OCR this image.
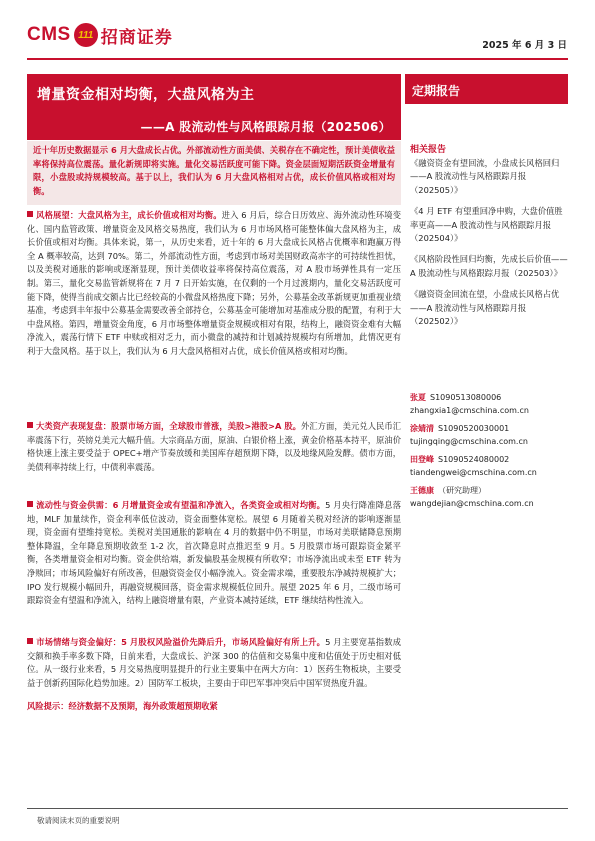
CMS 111 招商证券	2025 年 6 月 3 日
增量资金相对均衡，大盘风格为主
——A 股流动性与风格跟踪月报（202506）
定期报告
近十年历史数据显示 6 月大盘成长占优。外部流动性方面美债、关税存在不确定性，预计美债收益率将保持高位震荡。量化新规即将实施。量化交易活跃度可能下降。资金层面短期活跃资金增量有限，小盘股或持规模较高。基于以上，我们认为 6 月大盘风格相对占优，成长价值风格或相对均衡。
风格展望：大盘风格为主，成长价值或相对均衡。进入 6 月后，综合日历效应、海外流动性环境变化、国内监管政策、增量资金及风格交易热度，我们认为 6 月市场风格可能整体偏大盘风格为主，成长价值或相对均衡。具体来说，第一，从历史来看，近十年的 6 月大盘成长风格占优概率和跑赢万得全 A 概率较高，达到 70%。第二，外部流动性方面，考虑到市场对美国财政高赤字的可持续性担忧，以及美税对通胀的影响或逐渐显现，预计美债收益率将保持高位震荡，对 A 股市场弹性具有一定压制。第三，量化交易监管新规将在 7 月 7 日开始实施，在仅剩的一个月过渡期内，量化交易活跃度可能下降，使得当前成交额占比已经较高的小微盘风格热度下降；另外，公募基金改革新规更加重视业绩基准，考虑到丰年报中公募基金需要改善全部持仓，公募基金可能增加对基准成分股的配置，有利于大中盘风格。第四，增量资金角度，6 月市场整体增量资金规模或相对有限，结构上，融资资金难有大幅净流入，震荡行情下 ETF 申赎或相对乏力，而小微盘的减持和计划减持规模均有所增加，此情况更有利于大盘风格。基于以上，我们认为 6 月大盘风格相对占优，成长价值风格或相对均衡。
大类资产表现复盘：股票市场方面，全球股市普涨，美股>港股>A 股。外汇方面，美元兑人民币汇率震荡下行，英镑兑美元大幅升值。大宗商品方面，原油、白银价格上涨，黄金价格基本持平，原油价格快速上涨主要受益于 OPEC+增产节奏放缓和美国库存超预期下降，以及地缘风险发酵。债市方面，美债利率持续上行，中债利率震荡。
流动性与资金供需：6 月增量资金或有望温和净流入，各类资金或相对均衡。5 月央行降准降息落地，MLF 加量续作，资金利率低位波动，资金面整体宽松。展望 6 月随着关税对经济的影响逐渐显现，资金面有望维持宽松。美税对美国通胀的影响在 4 月的数据中仍不明显，市场对美联储降息预期整体降温，全年降息预期收敛至 1-2 次，首次降息时点推迟至 9 月。5 月股票市场可跟踪资金紧平衡，各类增量资金相对均衡。资金供给端，新发偏股基金规模有所收窄；市场净流出或未至 ETF 转为净赎回；市场风险偏好有所改善，但融资资金仅小幅净流入。资金需求端，重要股东净减持规模扩大；IPO 发行规模小幅回升，再融资规模回落，资金需求规模低位回升。展望 2025 年 6 月，二级市场可跟踪资金有望温和净流入，结构上融资增量有限，产业资本减持延续，ETF 继续结构性流入。
市场情绪与资金偏好：5 月股权风险溢价先降后升，市场风险偏好有所上升。5 月主要宽基指数成交额和换手率多数下降，日前来看，大盘成长、沪深 300 的估值和交易集中度和估值处于历史相对低位。从一级行业来看，5 月交易热度明显提升的行业主要集中在两大方向：1）医药生物板块，主要受益于创新药国际化趋势加速。2）国防军工板块，主要由于印巴军事冲突后中国军贸热度升温。
风险提示：经济数据不及预期，海外政策超预期收紧
相关报告
《融资资金有望回流，小盘成长风格回归——A 股流动性与风格跟踪月报（202505）》
《4 月 ETF 有望重回净申购，大盘价值胜率更高——A 股流动性与风格跟踪月报（202504）》
《风格阶段性回归均衡，先成长后价值——A 股流动性与风格跟踪月报（202503）》
《融资资金回流在望，小盘成长风格占优——A 股流动性与风格跟踪月报（202502）》
张夏 S1090513080006
zhangxia1@cmschina.com.cn
涂婧清 S1090520030001
tujingqing@cmschina.com.cn
田登峰 S1090524080002
tiandengwei@cmschina.com.cn
王德康 （研究助理）
wangdejian@cmschina.com.cn
敬请阅读末页的重要说明
